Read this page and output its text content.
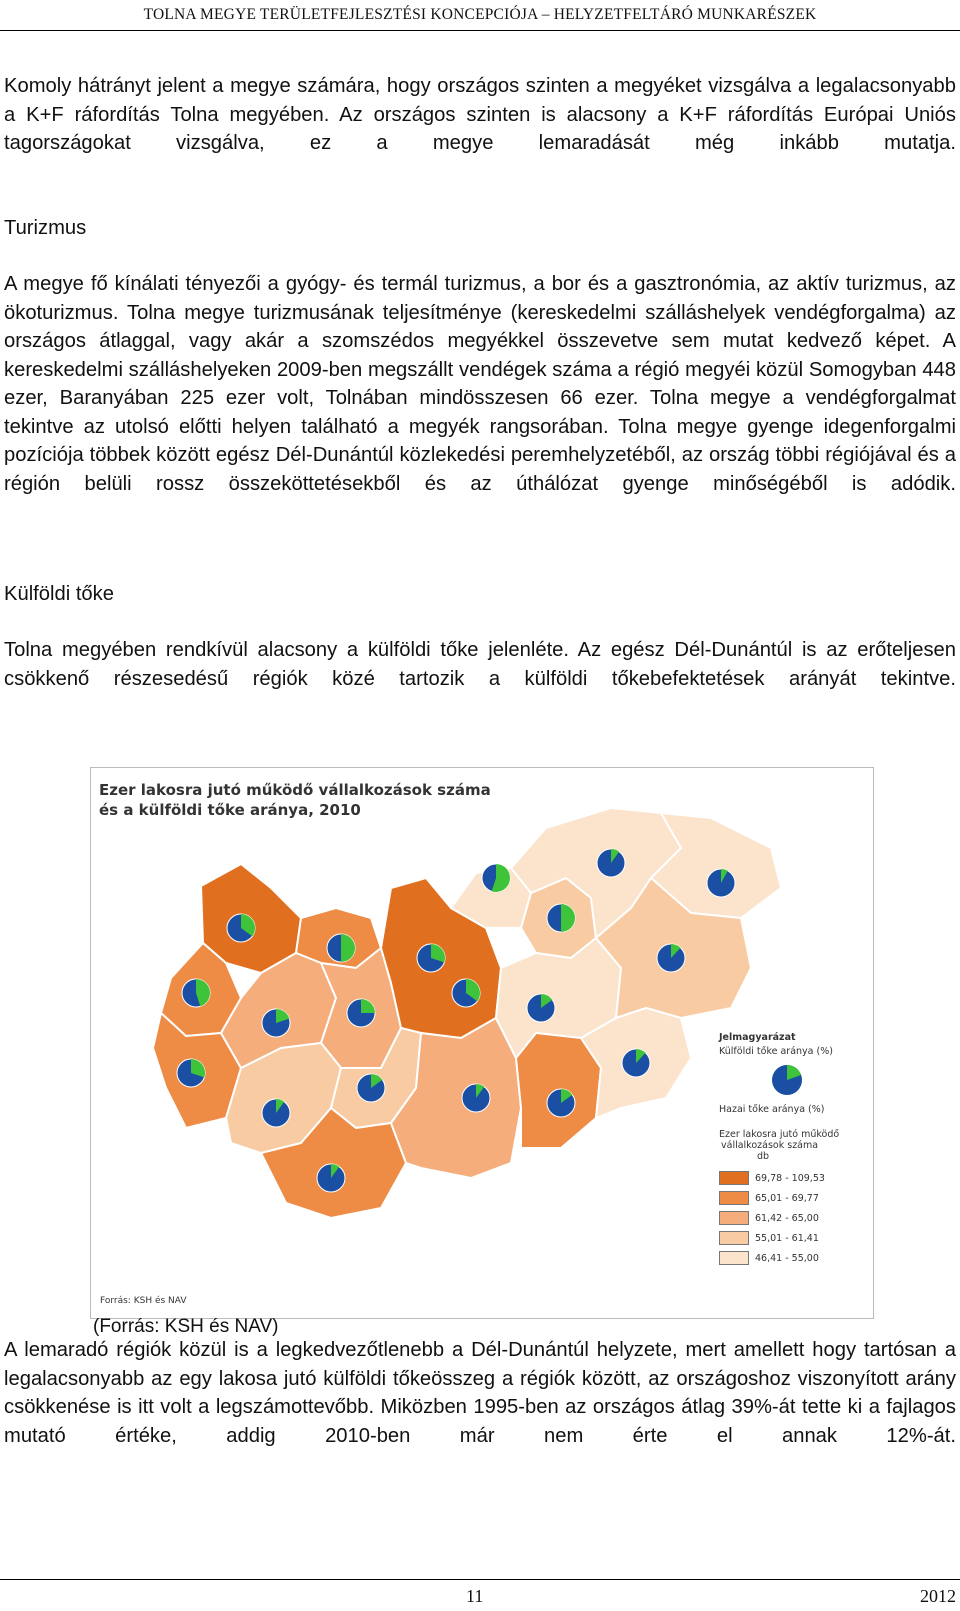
TOLNA MEGYE TERÜLETFEJLESZTÉSI KONCEPCIÓJA – HELYZETFELTÁRÓ MUNKARÉSZEK

Komoly hátrányt jelent a megye számára, hogy országos szinten a megyéket vizsgálva a legalacsonyabb a K+F ráfordítás Tolna megyében. Az országos szinten is alacsony a K+F ráfordítás Európai Uniós tagországokat vizsgálva, ez a megye lemaradását még inkább mutatja.

Turizmus

A megye fő kínálati tényezői a gyógy- és termál turizmus, a bor és a gasztronómia, az aktív turizmus, az ökoturizmus. Tolna megye turizmusának teljesítménye (kereskedelmi szálláshelyek vendégforgalma) az országos átlaggal, vagy akár a szomszédos megyékkel összevetve sem mutat kedvező képet. A kereskedelmi szálláshelyeken 2009-ben megszállt vendégek száma a régió megyéi közül Somogyban 448 ezer, Baranyában 225 ezer volt, Tolnában mindösszesen 66 ezer. Tolna megye a vendégforgalmat tekintve az utolsó előtti helyen található a megyék rangsorában. Tolna megye gyenge idegenforgalmi pozíciója többek között egész Dél-Dunántúl közlekedési peremhelyzetéből, az ország többi régiójával és a régión belüli rossz összeköttetésekből és az úthálózat gyenge minőségéből is adódik.

Külföldi tőke

Tolna megyében rendkívül alacsony a külföldi tőke jelenléte. Az egész Dél-Dunántúl is az erőteljesen csökkenő részesedésű régiók közé tartozik a külföldi tőkebefektetések arányát tekintve.

Ezer lakosra jutó működő vállalkozások száma
és a külföldi tőke aránya, 2010
Jelmagyarázat
Külföldi tőke aránya (%)
Hazai tőke aránya (%)
Ezer lakosra jutó működő
vállalkozások száma
db
69,78 - 109,53
65,01 - 69,77
61,42 - 65,00
55,01 - 61,41
46,41 - 55,00
Forrás: KSH és NAV
(Forrás: KSH és NAV)

A lemaradó régiók közül is a legkedvezőtlenebb a Dél-Dunántúl helyzete, mert amellett hogy tartósan a legalacsonyabb az egy lakosa jutó külföldi tőkeösszeg a régiók között, az országoshoz viszonyított arány csökkenése is itt volt a legszámottevőbb. Miközben 1995-ben az országos átlag 39%-át tette ki a fajlagos mutató értéke, addig 2010-ben már nem érte el annak 12%-át.

11	2012
